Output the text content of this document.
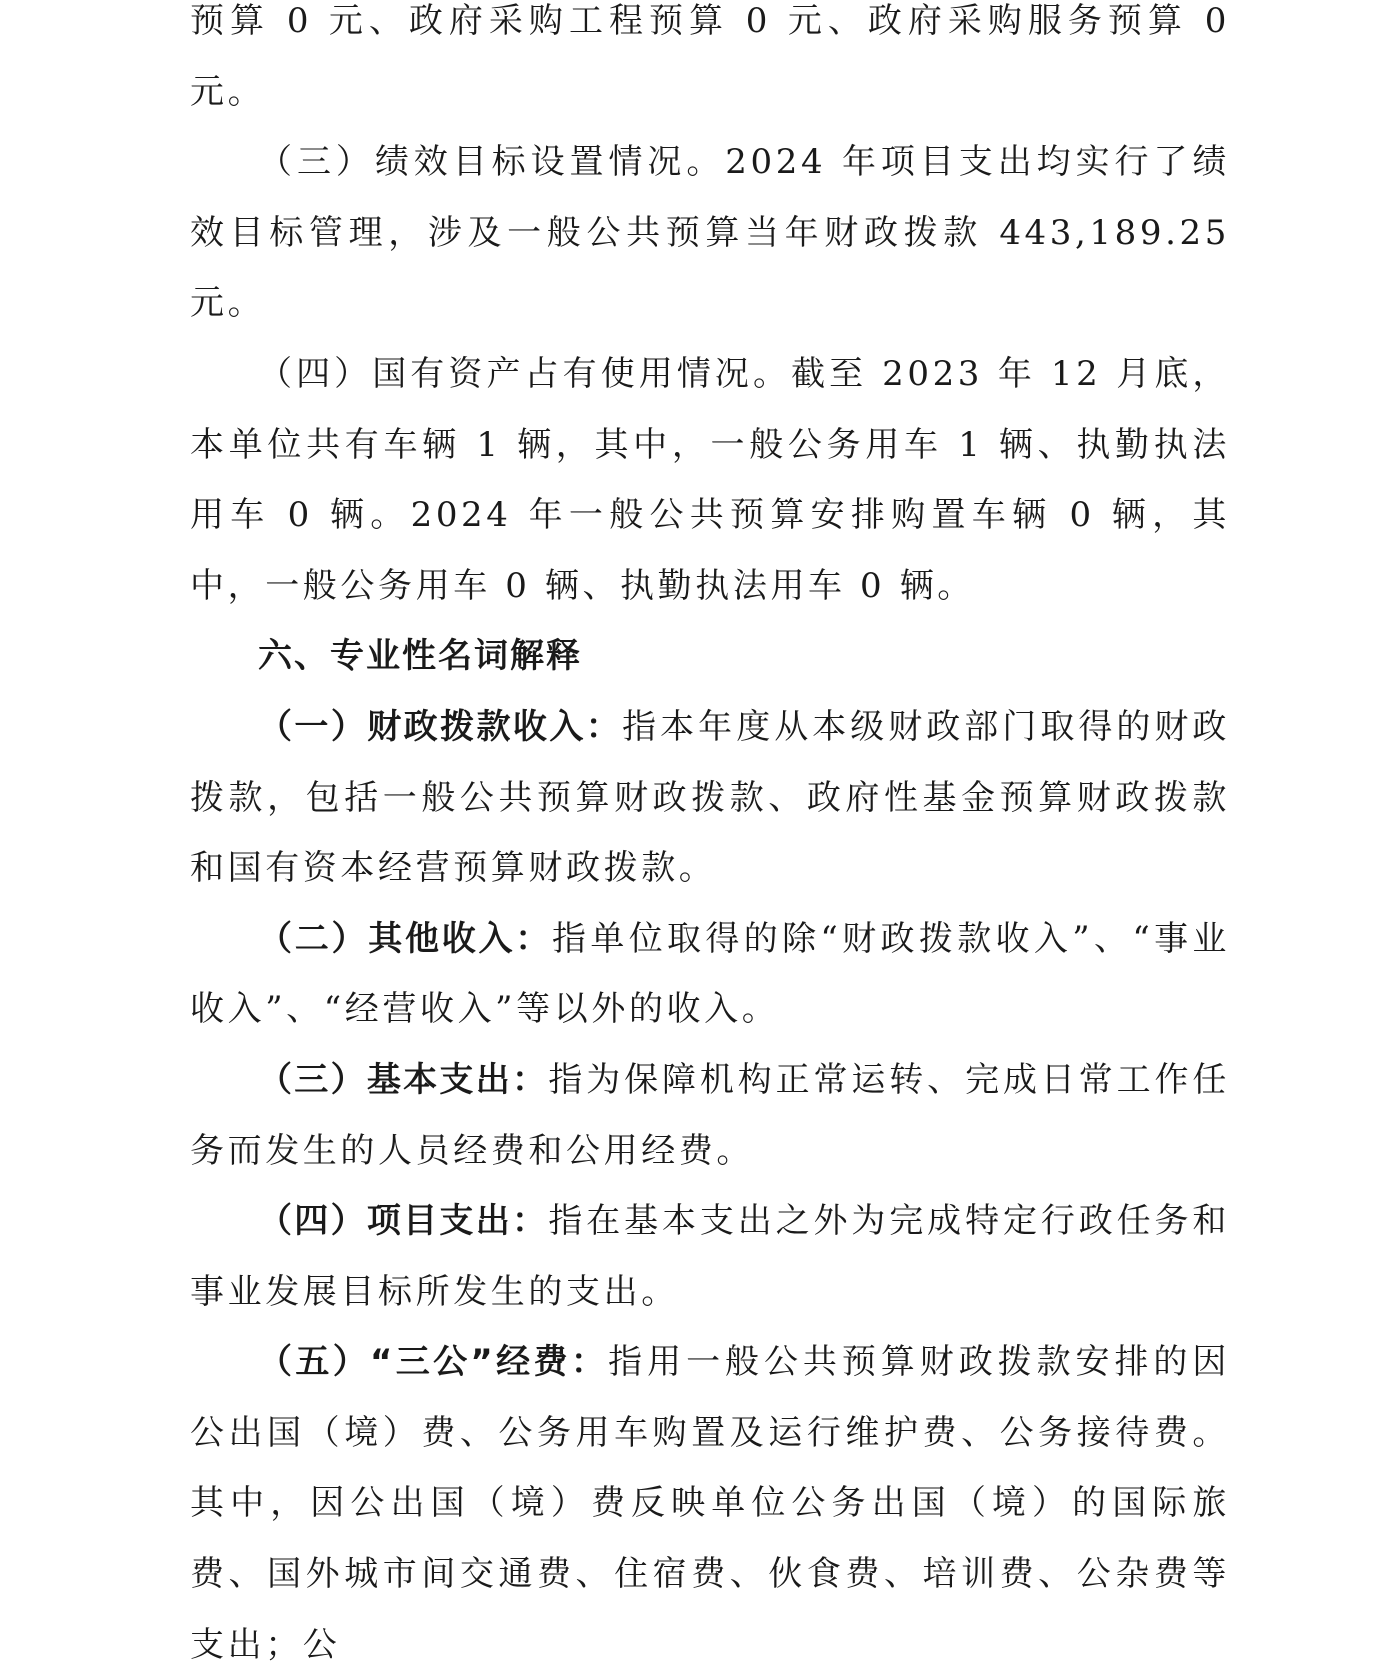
预算 0 元、政府采购工程预算 0 元、政府采购服务预算 0 元。

（三）绩效目标设置情况。2024 年项目支出均实行了绩效目标管理，涉及一般公共预算当年财政拨款 443,189.25 元。

（四）国有资产占有使用情况。截至 2023 年 12 月底，本单位共有车辆 1 辆，其中，一般公务用车 1 辆、执勤执法用车 0 辆。2024 年一般公共预算安排购置车辆 0 辆，其中，一般公务用车 0 辆、执勤执法用车 0 辆。

六、专业性名词解释

（一）财政拨款收入：指本年度从本级财政部门取得的财政拨款，包括一般公共预算财政拨款、政府性基金预算财政拨款和国有资本经营预算财政拨款。

（二）其他收入：指单位取得的除“财政拨款收入”、“事业收入”、“经营收入”等以外的收入。

（三）基本支出：指为保障机构正常运转、完成日常工作任务而发生的人员经费和公用经费。

（四）项目支出：指在基本支出之外为完成特定行政任务和事业发展目标所发生的支出。

（五）“三公”经费：指用一般公共预算财政拨款安排的因公出国（境）费、公务用车购置及运行维护费、公务接待费。其中，因公出国（境）费反映单位公务出国（境）的国际旅费、国外城市间交通费、住宿费、伙食费、培训费、公杂费等支出；公
